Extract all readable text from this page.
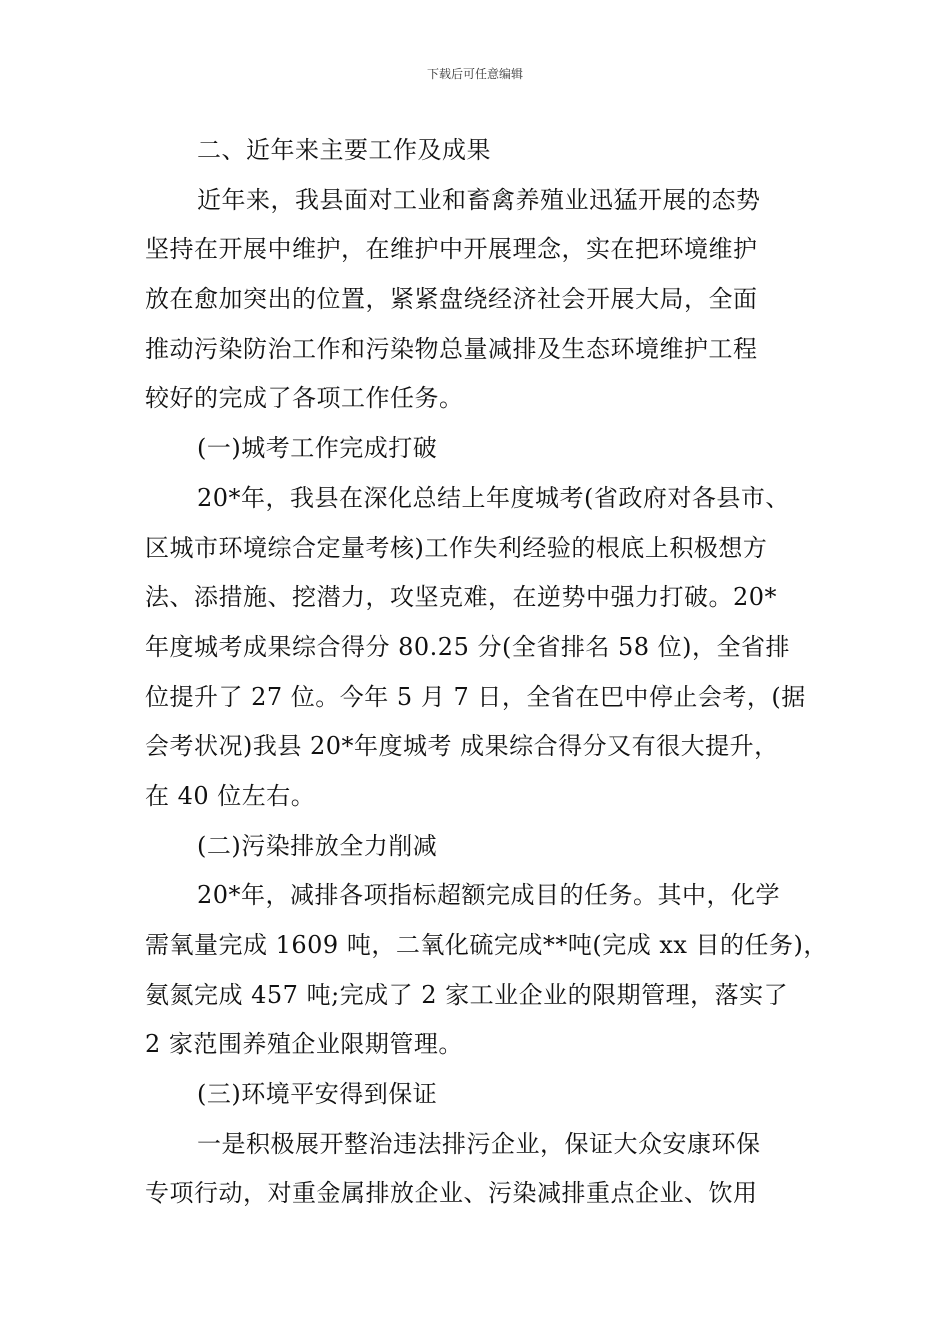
下载后可任意编辑
二、近年来主要工作及成果
近年来，我县面对工业和畜禽养殖业迅猛开展的态势
坚持在开展中维护，在维护中开展理念，实在把环境维护
放在愈加突出的位置，紧紧盘绕经济社会开展大局，全面
推动污染防治工作和污染物总量减排及生态环境维护工程
较好的完成了各项工作任务。
(一)城考工作完成打破
20*年，我县在深化总结上年度城考(省政府对各县市、
区城市环境综合定量考核)工作失利经验的根底上积极想方
法、添措施、挖潜力，攻坚克难，在逆势中强力打破。20*
年度城考成果综合得分 80.25 分(全省排名 58 位)，全省排
位提升了 27 位。今年 5 月 7 日，全省在巴中停止会考，(据
会考状况)我县 20*年度城考 成果综合得分又有很大提升，
在 40 位左右。
(二)污染排放全力削减
20*年，减排各项指标超额完成目的任务。其中，化学
需氧量完成 1609 吨，二氧化硫完成**吨(完成 xx 目的任务)，
氨氮完成 457 吨;完成了 2 家工业企业的限期管理，落实了
2 家范围养殖企业限期管理。
(三)环境平安得到保证
一是积极展开整治违法排污企业，保证大众安康环保
专项行动，对重金属排放企业、污染减排重点企业、饮用
